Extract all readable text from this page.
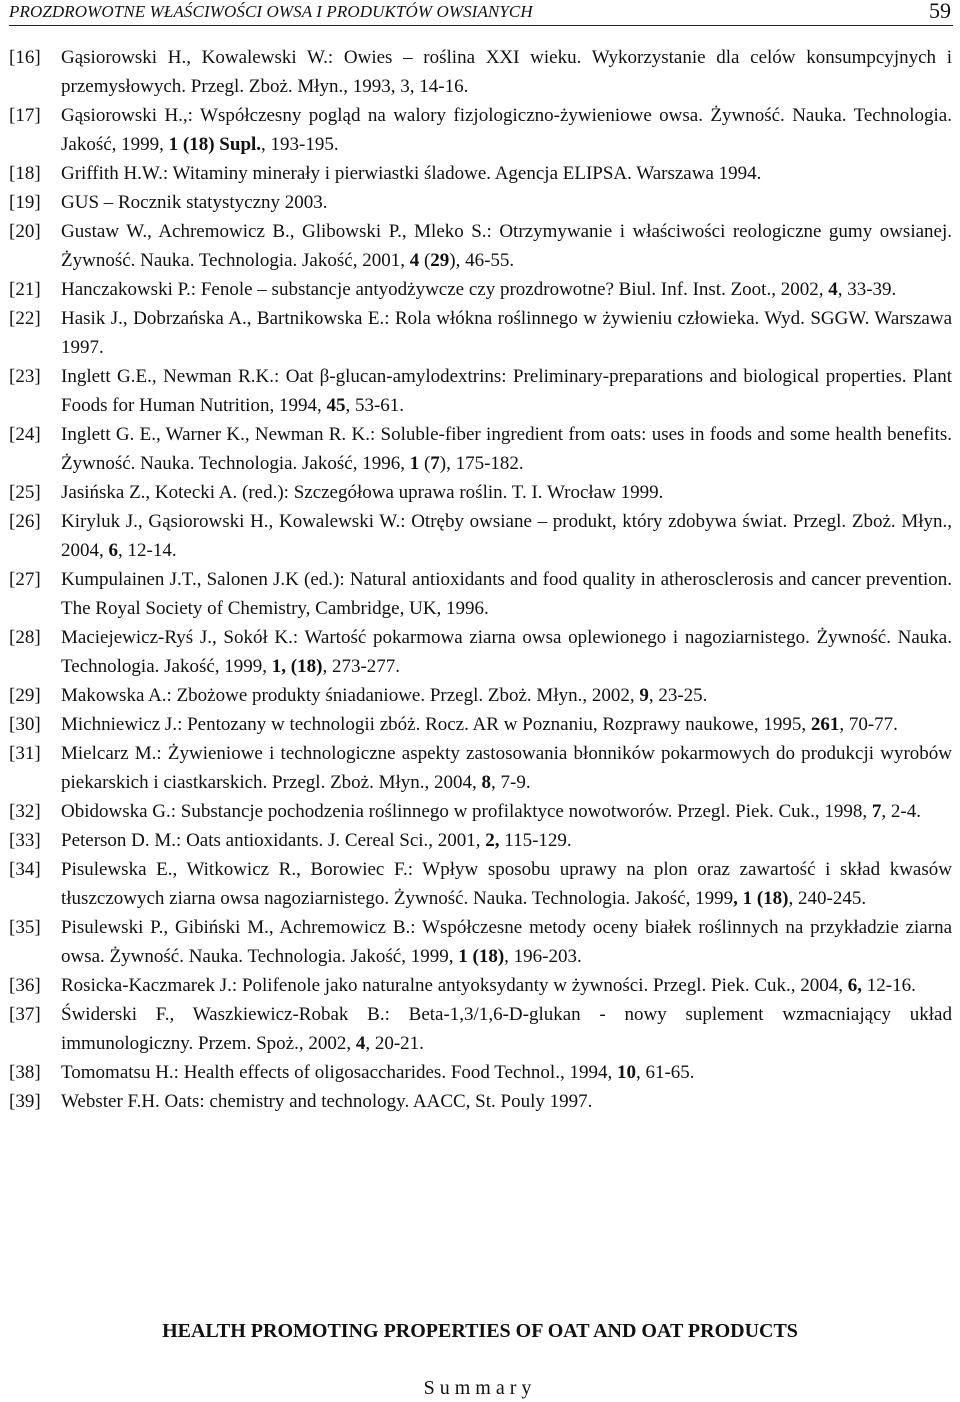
PROZDROWOTNE WŁAŚCIWOŚCI OWSA I PRODUKTÓW OWSIANYCH	59
[16] Gąsiorowski H., Kowalewski W.: Owies – roślina XXI wieku. Wykorzystanie dla celów konsumpcyjnych i przemysłowych. Przegl. Zboż. Młyn., 1993, 3, 14-16.
[17] Gąsiorowski H.,: Współczesny pogląd na walory fizjologiczno-żywieniowe owsa. Żywność. Nauka. Technologia. Jakość, 1999, 1 (18) Supl., 193-195.
[18] Griffith H.W.: Witaminy minerały i pierwiastki śladowe. Agencja ELIPSA. Warszawa 1994.
[19] GUS – Rocznik statystyczny 2003.
[20] Gustaw W., Achremowicz B., Glibowski P., Mleko S.: Otrzymywanie i właściwości reologiczne gumy owsianej. Żywność. Nauka. Technologia. Jakość, 2001, 4 (29), 46-55.
[21] Hanczakowski P.: Fenole – substancje antyodżywcze czy prozdrowotne? Biul. Inf. Inst. Zoot., 2002, 4, 33-39.
[22] Hasik J., Dobrzańska A., Bartnikowska E.: Rola włókna roślinnego w żywieniu człowieka. Wyd. SGGW. Warszawa 1997.
[23] Inglett G.E., Newman R.K.: Oat β-glucan-amylodextrins: Preliminary-preparations and biological properties. Plant Foods for Human Nutrition, 1994, 45, 53-61.
[24] Inglett G. E., Warner K., Newman R. K.: Soluble-fiber ingredient from oats: uses in foods and some health benefits. Żywność. Nauka. Technologia. Jakość, 1996, 1 (7), 175-182.
[25] Jasińska Z., Kotecki A. (red.): Szczegółowa uprawa roślin. T. I. Wrocław 1999.
[26] Kiryluk J., Gąsiorowski H., Kowalewski W.: Otręby owsiane – produkt, który zdobywa świat. Przegl. Zboż. Młyn., 2004, 6, 12-14.
[27] Kumpulainen J.T., Salonen J.K (ed.): Natural antioxidants and food quality in atherosclerosis and cancer prevention. The Royal Society of Chemistry, Cambridge, UK, 1996.
[28] Maciejewicz-Ryś J., Sokół K.: Wartość pokarmowa ziarna owsa oplewionego i nagoziarnistego. Żywność. Nauka. Technologia. Jakość, 1999, 1, (18), 273-277.
[29] Makowska A.: Zbożowe produkty śniadaniowe. Przegl. Zboż. Młyn., 2002, 9, 23-25.
[30] Michniewicz J.: Pentozany w technologii zbóż. Rocz. AR w Poznaniu, Rozprawy naukowe, 1995, 261, 70-77.
[31] Mielcarz M.: Żywieniowe i technologiczne aspekty zastosowania błonników pokarmowych do produkcji wyrobów piekarskich i ciastkarskich. Przegl. Zboż. Młyn., 2004, 8, 7-9.
[32] Obidowska G.: Substancje pochodzenia roślinnego w profilaktyce nowotworów. Przegl. Piek. Cuk., 1998, 7, 2-4.
[33] Peterson D. M.: Oats antioxidants. J. Cereal Sci., 2001, 2, 115-129.
[34] Pisulewska E., Witkowicz R., Borowiec F.: Wpływ sposobu uprawy na plon oraz zawartość i skład kwasów tłuszczowych ziarna owsa nagoziarnistego. Żywność. Nauka. Technologia. Jakość, 1999, 1 (18), 240-245.
[35] Pisulewski P., Gibiński M., Achremowicz B.: Współczesne metody oceny białek roślinnych na przykładzie ziarna owsa. Żywność. Nauka. Technologia. Jakość, 1999, 1 (18), 196-203.
[36] Rosicka-Kaczmarek J.: Polifenole jako naturalne antyoksydanty w żywności. Przegl. Piek. Cuk., 2004, 6, 12-16.
[37] Świderski F., Waszkiewicz-Robak B.: Beta-1,3/1,6-D-glukan - nowy suplement wzmacniający układ immunologiczny. Przem. Spoż., 2002, 4, 20-21.
[38] Tomomatsu H.: Health effects of oligosaccharides. Food Technol., 1994, 10, 61-65.
[39] Webster F.H. Oats: chemistry and technology. AACC, St. Pouly 1997.
HEALTH PROMOTING PROPERTIES OF OAT AND OAT PRODUCTS
Summary
